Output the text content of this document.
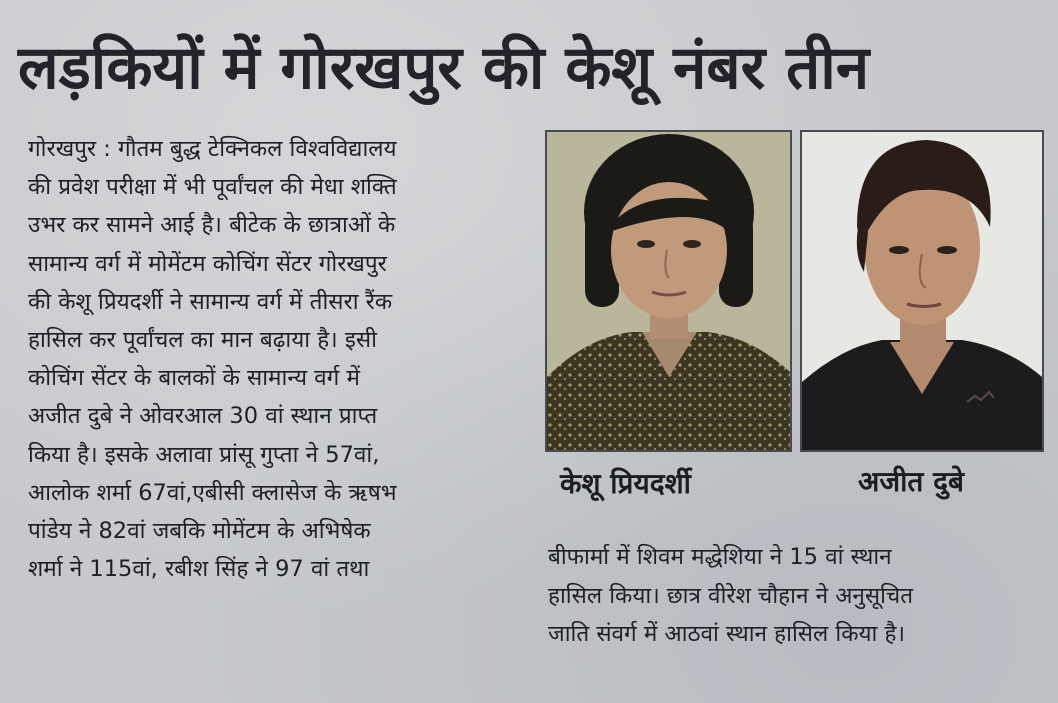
लड़कियों में गोरखपुर की केशू नंबर तीन
गोरखपुर : गौतम बुद्ध टेक्निकल विश्वविद्यालय
की प्रवेश परीक्षा में भी पूर्वांचल की मेधा शक्ति
उभर कर सामने आई है। बीटेक के छात्राओं के
सामान्य वर्ग में मोमेंटम कोचिंग सेंटर गोरखपुर
की केशू प्रियदर्शी ने सामान्य वर्ग में तीसरा रैंक
हासिल कर पूर्वांचल का मान बढ़ाया है। इसी
कोचिंग सेंटर के बालकों के सामान्य वर्ग में
अजीत दुबे ने ओवरआल 30 वां स्थान प्राप्त
किया है। इसके अलावा प्रांसू गुप्ता ने 57वां,
आलोक शर्मा 67वां,एबीसी क्लासेज के ऋषभ
पांडेय ने 82वां जबकि मोमेंटम के अभिषेक
शर्मा ने 115वां, रबीश सिंह ने 97 वां तथा
केशू प्रियदर्शी	अजीत दुबे
बीफार्मा में शिवम मद्धेशिया ने 15 वां स्थान
हासिल किया। छात्र वीरेश चौहान ने अनुसूचित
जाति संवर्ग में आठवां स्थान हासिल किया है।
